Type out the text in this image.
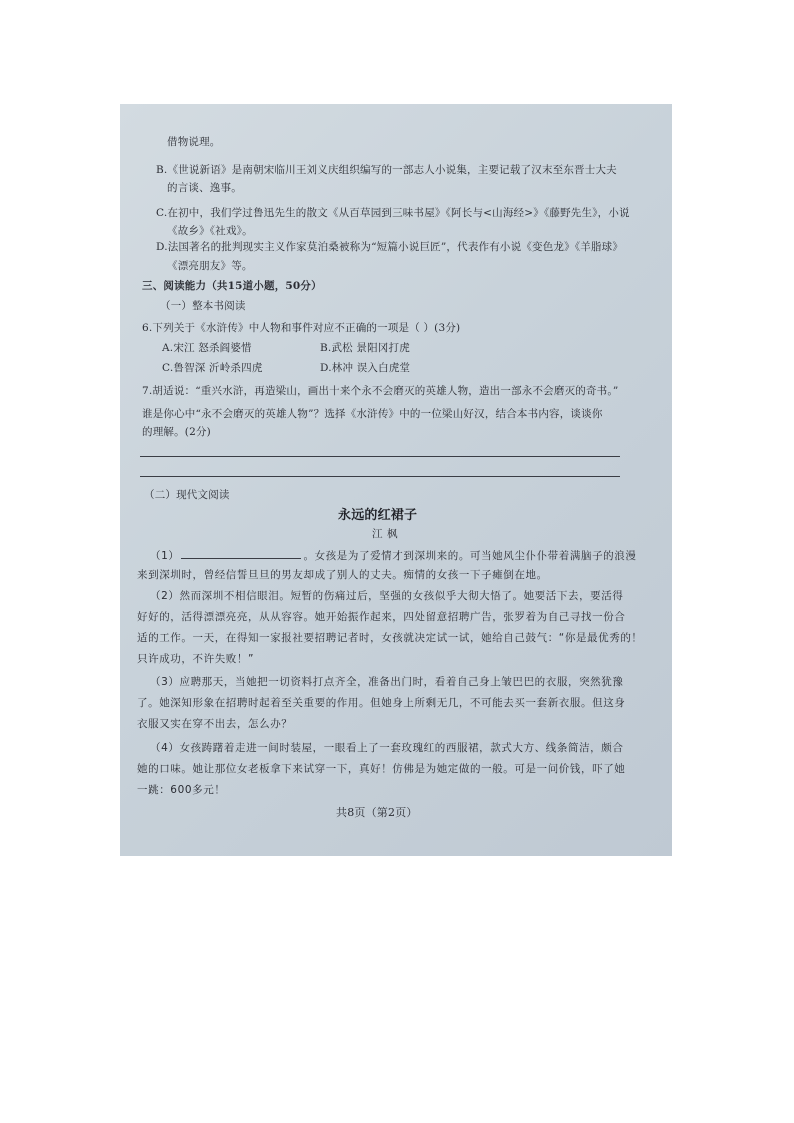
借物说理。
B.《世说新语》是南朝宋临川王刘义庆组织编写的一部志人小说集，主要记载了汉末至东晋士大夫
的言谈、逸事。
C.在初中，我们学过鲁迅先生的散文《从百草园到三味书屋》《阿长与<山海经>》《藤野先生》，小说
《故乡》《社戏》。
D.法国著名的批判现实主义作家莫泊桑被称为“短篇小说巨匠”，代表作有小说《变色龙》《羊脂球》
《漂亮朋友》等。
三、阅读能力（共15道小题，50分）
（一）整本书阅读
6.下列关于《水浒传》中人物和事件对应不正确的一项是（ ）(3分)
A.宋江 怒杀阎婆惜	B.武松 景阳冈打虎
C.鲁智深 沂岭杀四虎	D.林冲 误入白虎堂
7.胡适说：“重兴水浒，再造梁山，画出十来个永不会磨灭的英雄人物，造出一部永不会磨灭的奇书。”
谁是你心中“永不会磨灭的英雄人物”？选择《水浒传》中的一位梁山好汉，结合本书内容，谈谈你
的理解。(2分)
（二）现代文阅读
永远的红裙子
江 枫
（1）	。女孩是为了爱情才到深圳来的。可当她风尘仆仆带着满脑子的浪漫
来到深圳时，曾经信誓旦旦的男友却成了别人的丈夫。痴情的女孩一下子瘫倒在地。
（2）然而深圳不相信眼泪。短暂的伤痛过后，坚强的女孩似乎大彻大悟了。她要活下去，要活得
好好的，活得漂漂亮亮，从从容容。她开始振作起来，四处留意招聘广告，张罗着为自己寻找一份合
适的工作。一天，在得知一家报社要招聘记者时，女孩就决定试一试，她给自己鼓气：“你是最优秀的！
只许成功，不许失败！”
（3）应聘那天，当她把一切资料打点齐全，准备出门时，看着自己身上皱巴巴的衣服，突然犹豫
了。她深知形象在招聘时起着至关重要的作用。但她身上所剩无几，不可能去买一套新衣服。但这身
衣服又实在穿不出去，怎么办？
（4）女孩踌躇着走进一间时装屋，一眼看上了一套玫瑰红的西服裙，款式大方、线条简洁，颇合
她的口味。她让那位女老板拿下来试穿一下，真好！仿佛是为她定做的一般。可是一问价钱，吓了她
一跳：600多元！
共8页（第2页）
